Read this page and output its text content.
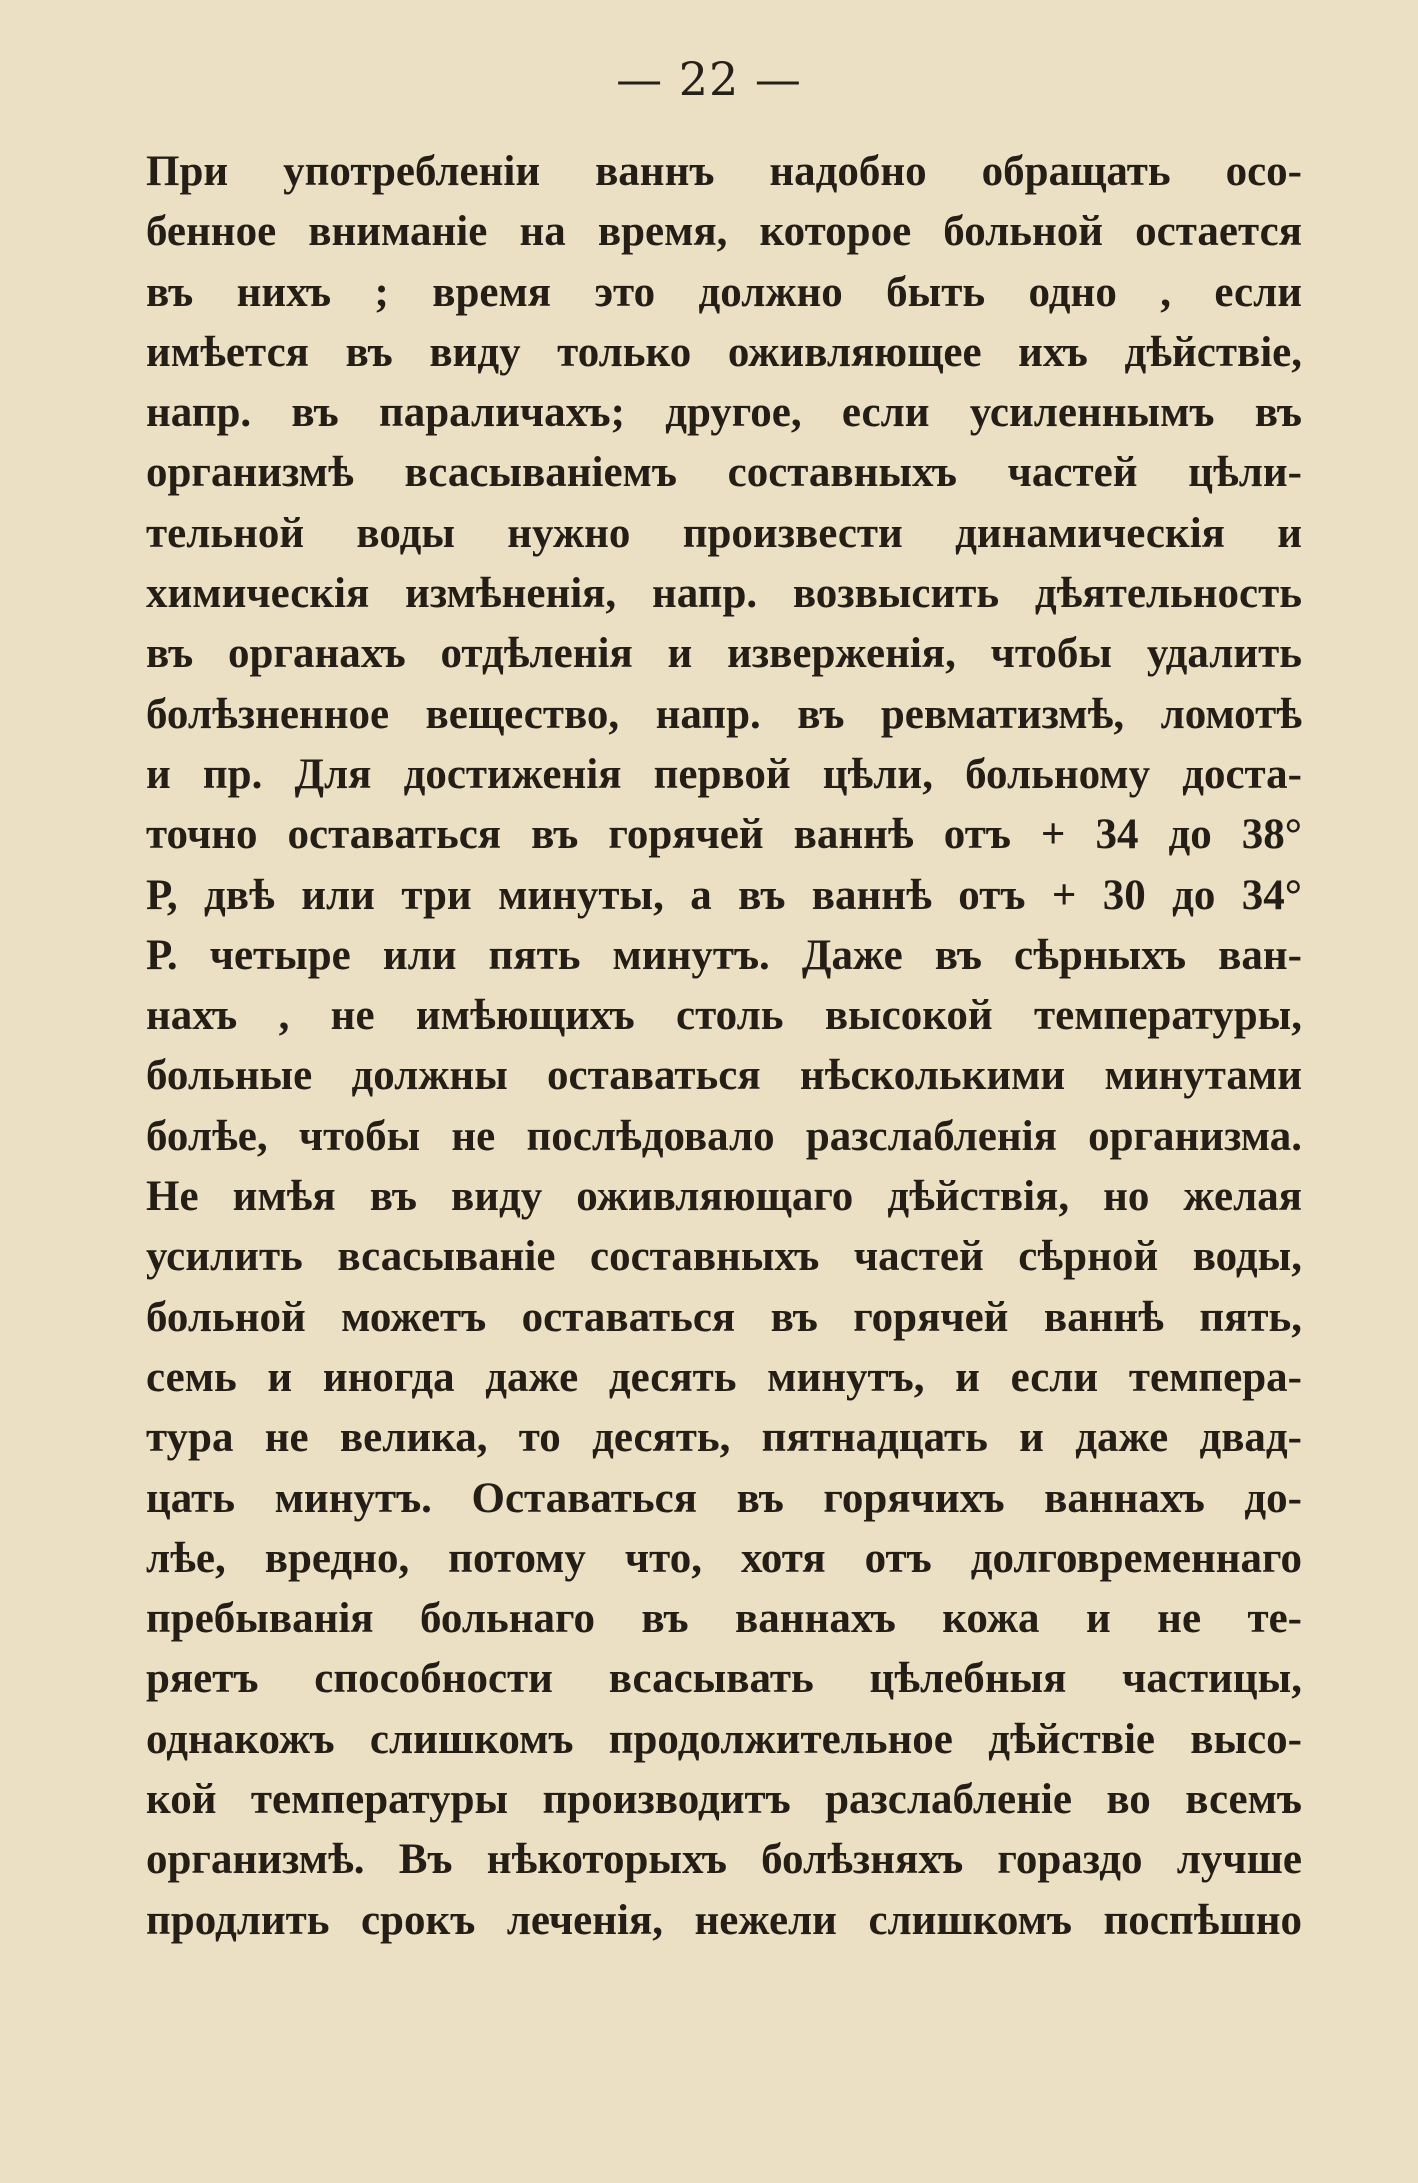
— 22 —
При употребленіи ваннъ надобно обращать осо-
бенное вниманіе на время, которое больной остается
въ нихъ ; время это должно быть одно , если
имѣется въ виду только оживляющее ихъ дѣйствіе,
напр. въ параличахъ; другое, если усиленнымъ въ
организмѣ всасываніемъ составныхъ частей цѣли-
тельной воды нужно произвести динамическія и
химическія измѣненія, напр. возвысить дѣятельность
въ органахъ отдѣленія и изверженія, чтобы удалить
болѣзненное вещество, напр. въ ревматизмѣ, ломотѣ
и пр. Для достиженія первой цѣли, больному доста-
точно оставаться въ горячей ваннѣ отъ + 34 до 38°
Р, двѣ или три минуты, а въ ваннѣ отъ + 30 до 34°
Р. четыре или пять минутъ. Даже въ сѣрныхъ ван-
нахъ , не имѣющихъ столь высокой температуры,
больные должны оставаться нѣсколькими минутами
болѣе, чтобы не послѣдовало разслабленія организма.
Не имѣя въ виду оживляющаго дѣйствія, но желая
усилить всасываніе составныхъ частей сѣрной воды,
больной можетъ оставаться въ горячей ваннѣ пять,
семь и иногда даже десять минутъ, и если темпера-
тура не велика, то десять, пятнадцать и даже двад-
цать минутъ. Оставаться въ горячихъ ваннахъ до-
лѣе, вредно, потому что, хотя отъ долговременнаго
пребыванія больнаго въ ваннахъ кожа и не те-
ряетъ способности всасывать цѣлебныя частицы,
однакожъ слишкомъ продолжительное дѣйствіе высо-
кой температуры производитъ разслабленіе во всемъ
организмѣ. Въ нѣкоторыхъ болѣзняхъ гораздо лучше
продлить срокъ леченія, нежели слишкомъ поспѣшно
